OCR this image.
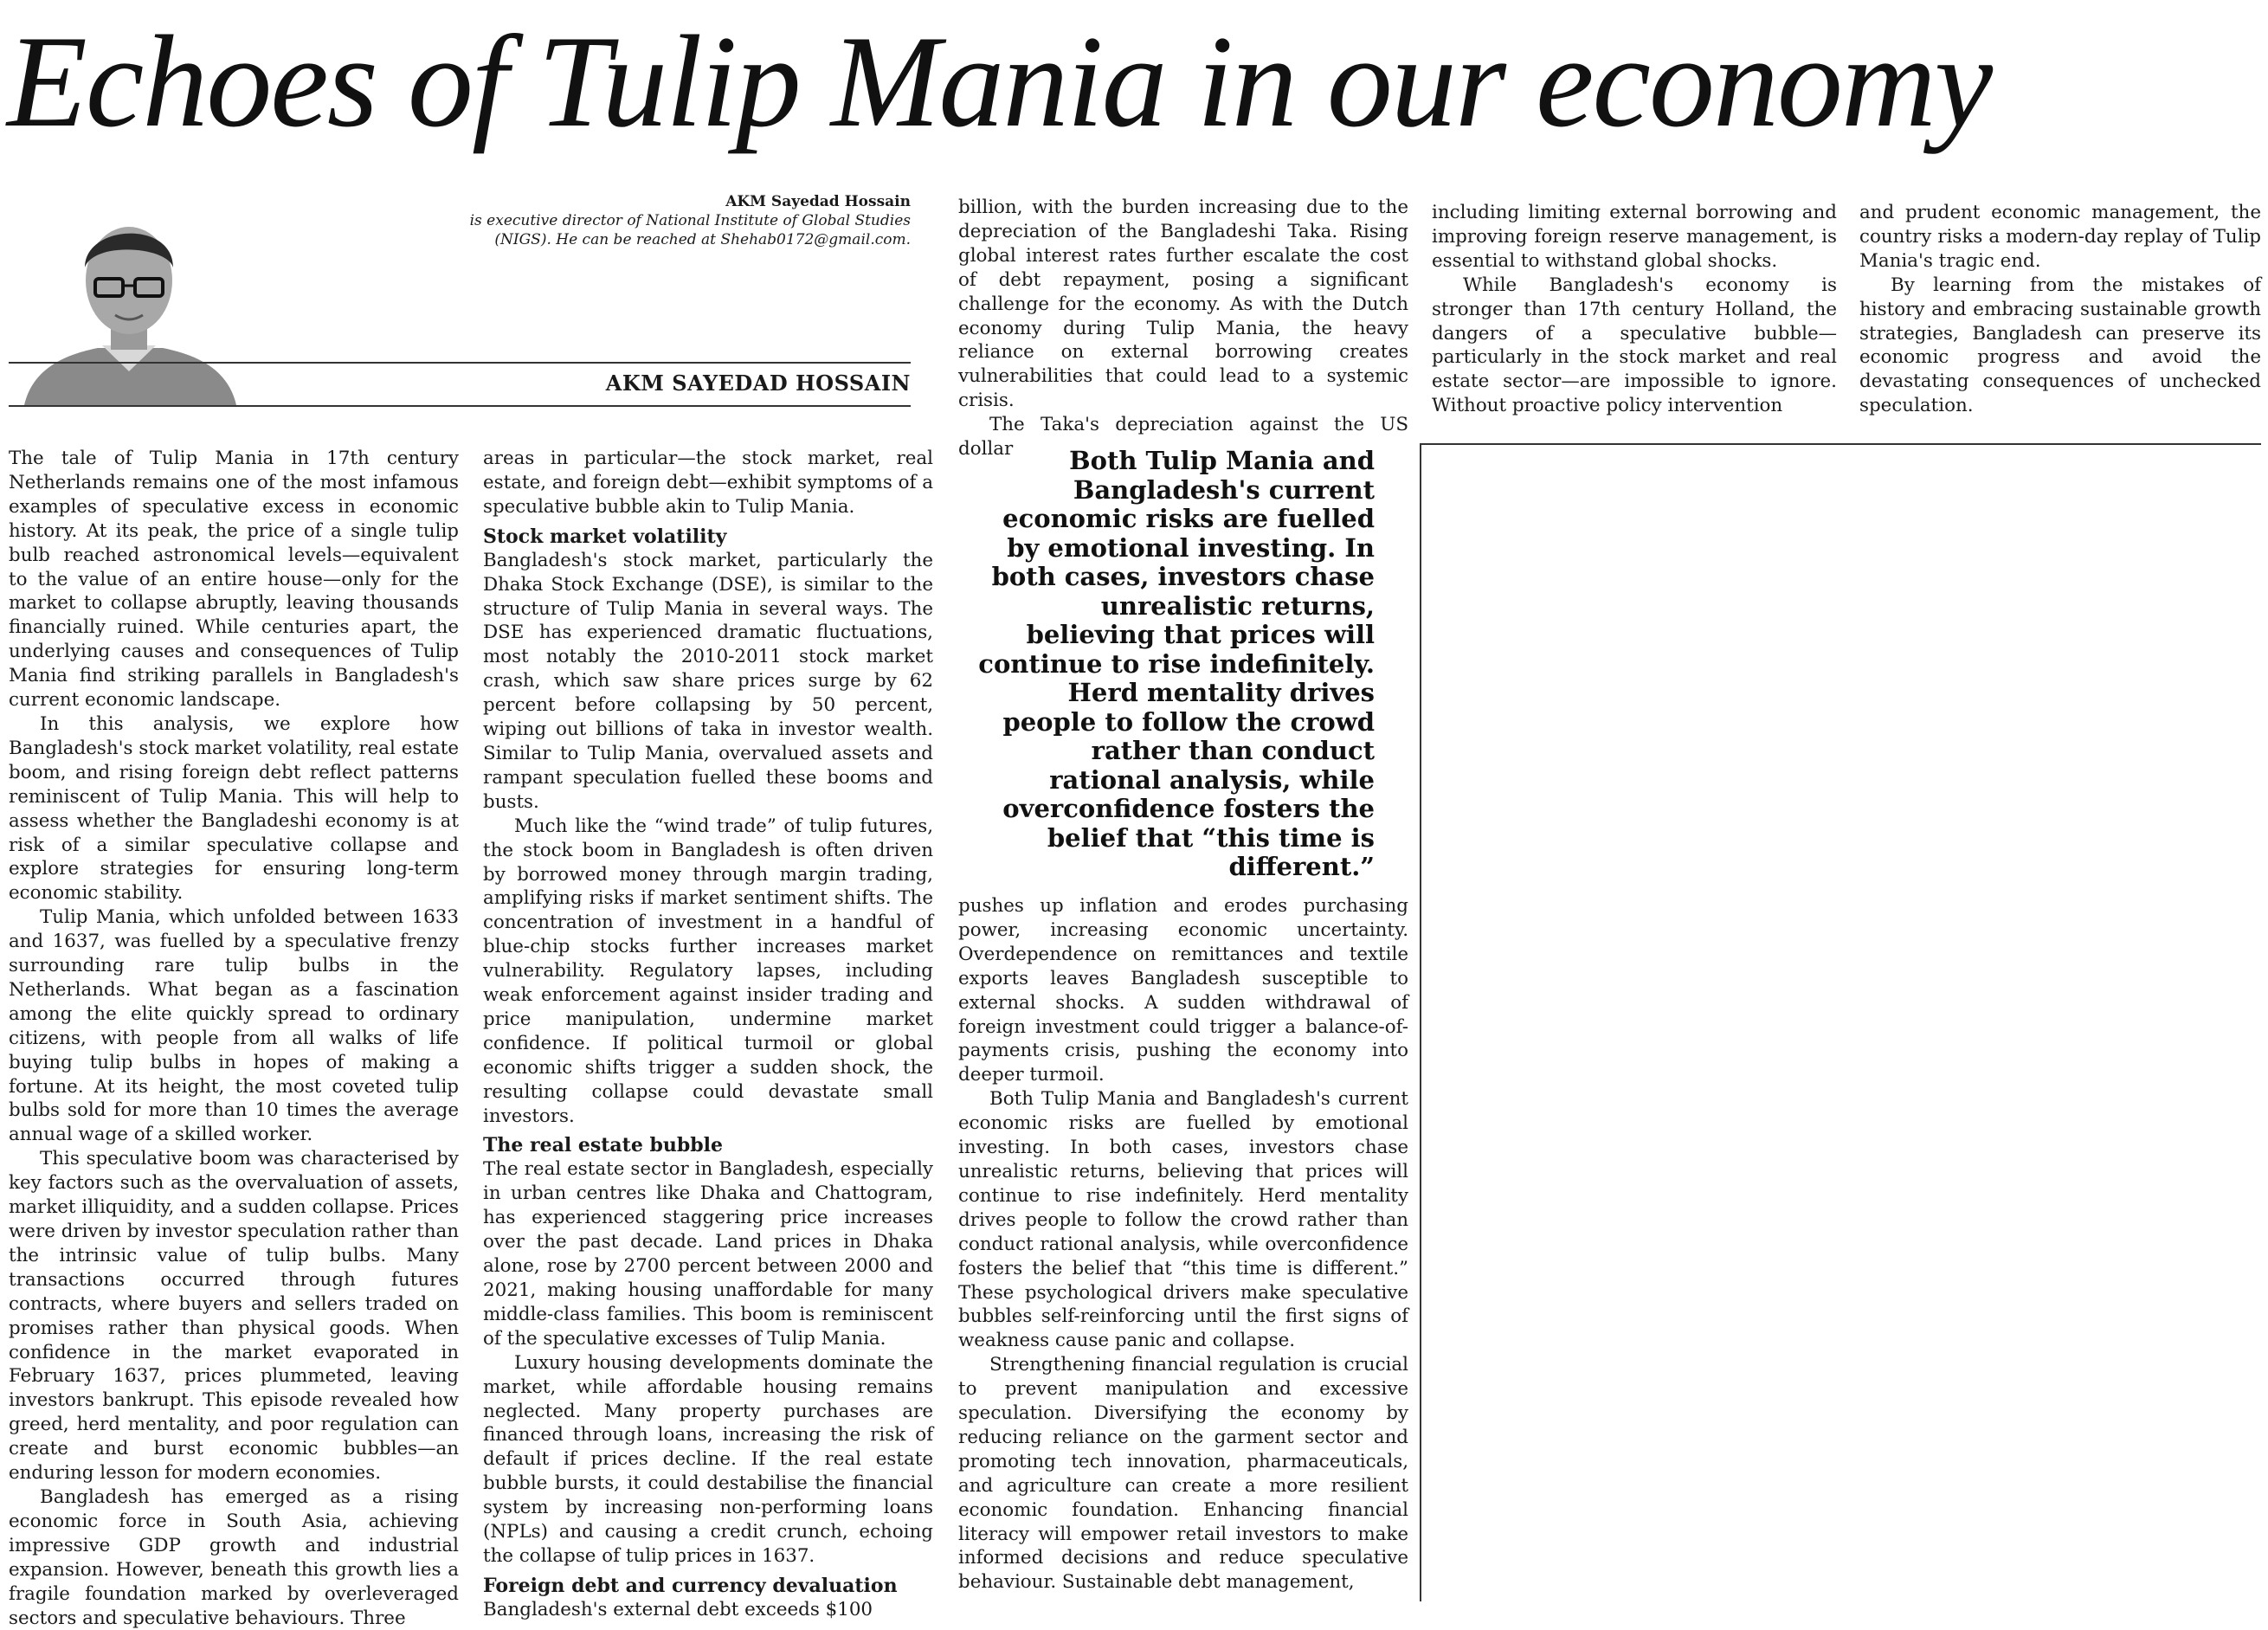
Echoes of Tulip Mania in our economy
AKM Sayedad Hossain
is executive director of National Institute of Global Studies (NIGS). He can be reached at Shehab0172@gmail.com.
AKM SAYEDAD HOSSAIN

The tale of Tulip Mania in 17th century Netherlands remains one of the most infamous examples of speculative excess in economic history. At its peak, the price of a single tulip bulb reached astronomical levels—equivalent to the value of an entire house—only for the market to collapse abruptly, leaving thousands financially ruined. While centuries apart, the underlying causes and consequences of Tulip Mania find striking parallels in Bangladesh's current economic landscape.

In this analysis, we explore how Bangladesh's stock market volatility, real estate boom, and rising foreign debt reflect patterns reminiscent of Tulip Mania. This will help to assess whether the Bangladeshi economy is at risk of a similar speculative collapse and explore strategies for ensuring long-term economic stability.

Tulip Mania, which unfolded between 1633 and 1637, was fuelled by a speculative frenzy surrounding rare tulip bulbs in the Netherlands. What began as a fascination among the elite quickly spread to ordinary citizens, with people from all walks of life buying tulip bulbs in hopes of making a fortune. At its height, the most coveted tulip bulbs sold for more than 10 times the average annual wage of a skilled worker.

This speculative boom was characterised by key factors such as the overvaluation of assets, market illiquidity, and a sudden collapse. Prices were driven by investor speculation rather than the intrinsic value of tulip bulbs. Many transactions occurred through futures contracts, where buyers and sellers traded on promises rather than physical goods. When confidence in the market evaporated in February 1637, prices plummeted, leaving investors bankrupt. This episode revealed how greed, herd mentality, and poor regulation can create and burst economic bubbles—an enduring lesson for modern economies.

Bangladesh has emerged as a rising economic force in South Asia, achieving impressive GDP growth and industrial expansion. However, beneath this growth lies a fragile foundation marked by overleveraged sectors and speculative behaviours. Three

areas in particular—the stock market, real estate, and foreign debt—exhibit symptoms of a speculative bubble akin to Tulip Mania.

Stock market volatility

Bangladesh's stock market, particularly the Dhaka Stock Exchange (DSE), is similar to the structure of Tulip Mania in several ways. The DSE has experienced dramatic fluctuations, most notably the 2010-2011 stock market crash, which saw share prices surge by 62 percent before collapsing by 50 percent, wiping out billions of taka in investor wealth. Similar to Tulip Mania, overvalued assets and rampant speculation fuelled these booms and busts.

Much like the “wind trade” of tulip futures, the stock boom in Bangladesh is often driven by borrowed money through margin trading, amplifying risks if market sentiment shifts. The concentration of investment in a handful of blue-chip stocks further increases market vulnerability. Regulatory lapses, including weak enforcement against insider trading and price manipulation, undermine market confidence. If political turmoil or global economic shifts trigger a sudden shock, the resulting collapse could devastate small investors.

The real estate bubble

The real estate sector in Bangladesh, especially in urban centres like Dhaka and Chattogram, has experienced staggering price increases over the past decade. Land prices in Dhaka alone, rose by 2700 percent between 2000 and 2021, making housing unaffordable for many middle-class families. This boom is reminiscent of the speculative excesses of Tulip Mania.

Luxury housing developments dominate the market, while affordable housing remains neglected. Many property purchases are financed through loans, increasing the risk of default if prices decline. If the real estate bubble bursts, it could destabilise the financial system by increasing non-performing loans (NPLs) and causing a credit crunch, echoing the collapse of tulip prices in 1637.

Foreign debt and currency devaluation

Bangladesh's external debt exceeds $100

billion, with the burden increasing due to the depreciation of the Bangladeshi Taka. Rising global interest rates further escalate the cost of debt repayment, posing a significant challenge for the economy. As with the Dutch economy during Tulip Mania, the heavy reliance on external borrowing creates vulnerabilities that could lead to a systemic crisis.

The Taka's depreciation against the US dollar	Both Tulip Mania and Bangladesh's current economic risks are fuelled by emotional investing. In both cases, investors chase unrealistic returns, believing that prices will continue to rise indefinitely. Herd mentality drives people to follow the crowd rather than conduct rational analysis, while overconfidence fosters the belief that “this time is different.”

pushes up inflation and erodes purchasing power, increasing economic uncertainty. Overdependence on remittances and textile exports leaves Bangladesh susceptible to external shocks. A sudden withdrawal of foreign investment could trigger a balance-of-payments crisis, pushing the economy into deeper turmoil.

Both Tulip Mania and Bangladesh's current economic risks are fuelled by emotional investing. In both cases, investors chase unrealistic returns, believing that prices will continue to rise indefinitely. Herd mentality drives people to follow the crowd rather than conduct rational analysis, while overconfidence fosters the belief that “this time is different.” These psychological drivers make speculative bubbles self-reinforcing until the first signs of weakness cause panic and collapse.

Strengthening financial regulation is crucial to prevent manipulation and excessive speculation. Diversifying the economy by reducing reliance on the garment sector and promoting tech innovation, pharmaceuticals, and agriculture can create a more resilient economic foundation. Enhancing financial literacy will empower retail investors to make informed decisions and reduce speculative behaviour. Sustainable debt management,

including limiting external borrowing and improving foreign reserve management, is essential to withstand global shocks.

While Bangladesh's economy is stronger than 17th century Holland, the dangers of a speculative bubble—particularly in the stock market and real estate sector—are impossible to ignore. Without proactive policy intervention

and prudent economic management, the country risks a modern-day replay of Tulip Mania's tragic end.

By learning from the mistakes of history and embracing sustainable growth strategies, Bangladesh can preserve its economic progress and avoid the devastating consequences of unchecked speculation.
